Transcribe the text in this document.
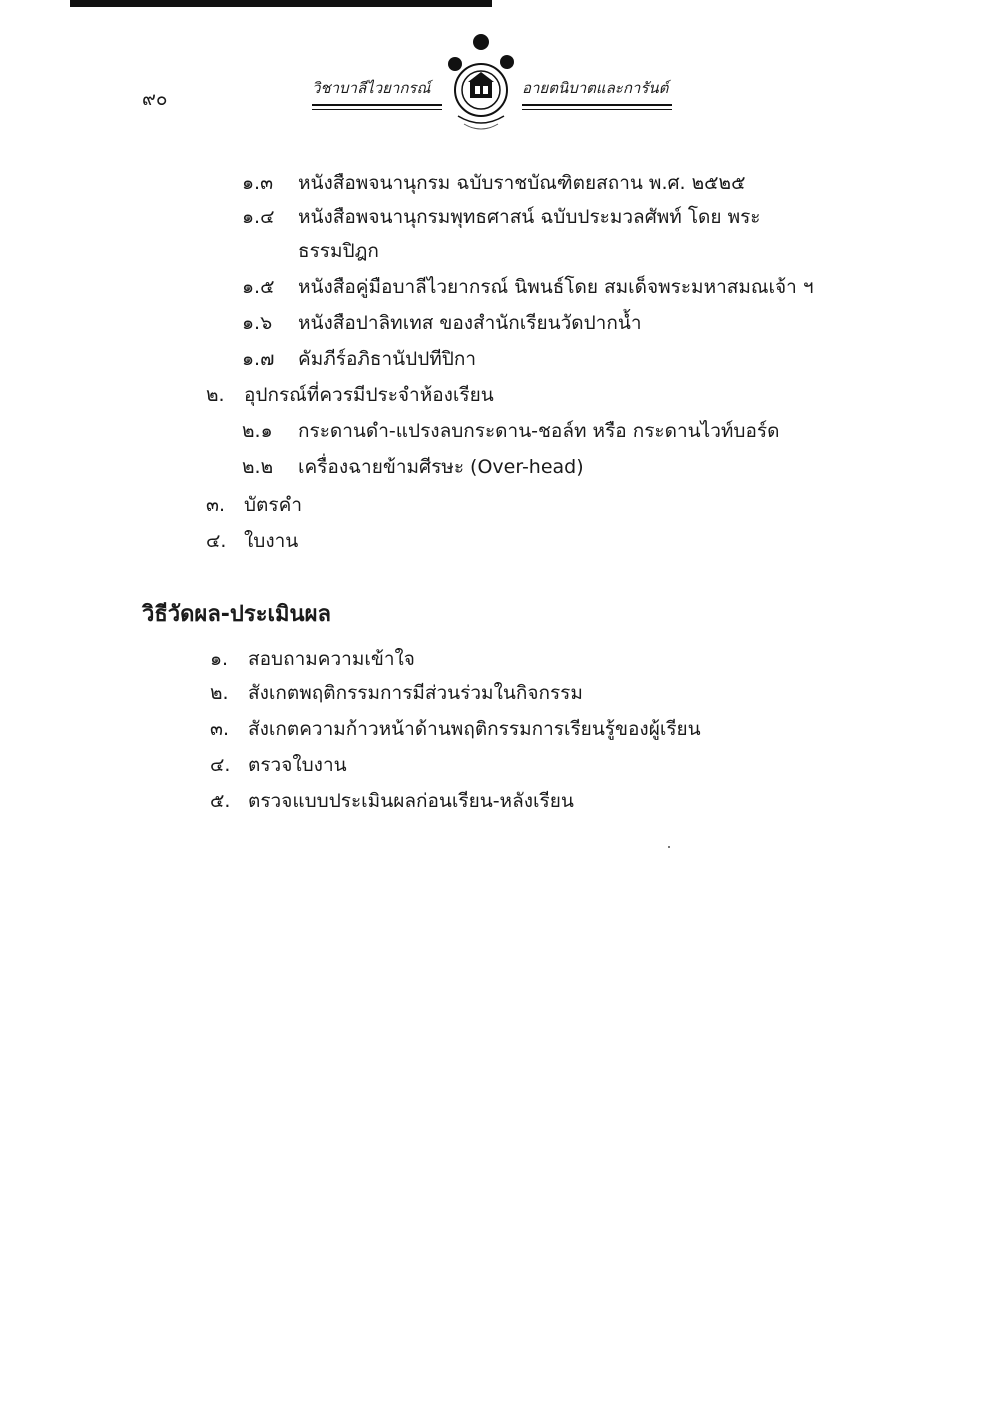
๙๐	วิชาบาลีไวยากรณ์	อายตนิบาตและการันต์
๑.๓ หนังสือพจนานุกรม ฉบับราชบัณฑิตยสถาน พ.ศ. ๒๕๒๕
๑.๔ หนังสือพจนานุกรมพุทธศาสน์ ฉบับประมวลศัพท์ โดย พระ
ธรรมปิฎก
๑.๕ หนังสือคู่มือบาลีไวยากรณ์ นิพนธ์โดย สมเด็จพระมหาสมณเจ้า ฯ
๑.๖ หนังสือปาลิทเทส ของสำนักเรียนวัดปากน้ำ
๑.๗ คัมภีร์อภิธานัปปทีปิกา
๒. อุปกรณ์ที่ควรมีประจำห้องเรียน
๒.๑ กระดานดำ-แปรงลบกระดาน-ชอล์ท หรือ กระดานไวท์บอร์ด
๒.๒ เครื่องฉายข้ามศีรษะ (Over-head)
๓. บัตรคำ
๔. ใบงาน
วิธีวัดผล-ประเมินผล
๑. สอบถามความเข้าใจ
๒. สังเกตพฤติกรรมการมีส่วนร่วมในกิจกรรม
๓. สังเกตความก้าวหน้าด้านพฤติกรรมการเรียนรู้ของผู้เรียน
๔. ตรวจใบงาน
๕. ตรวจแบบประเมินผลก่อนเรียน-หลังเรียน
